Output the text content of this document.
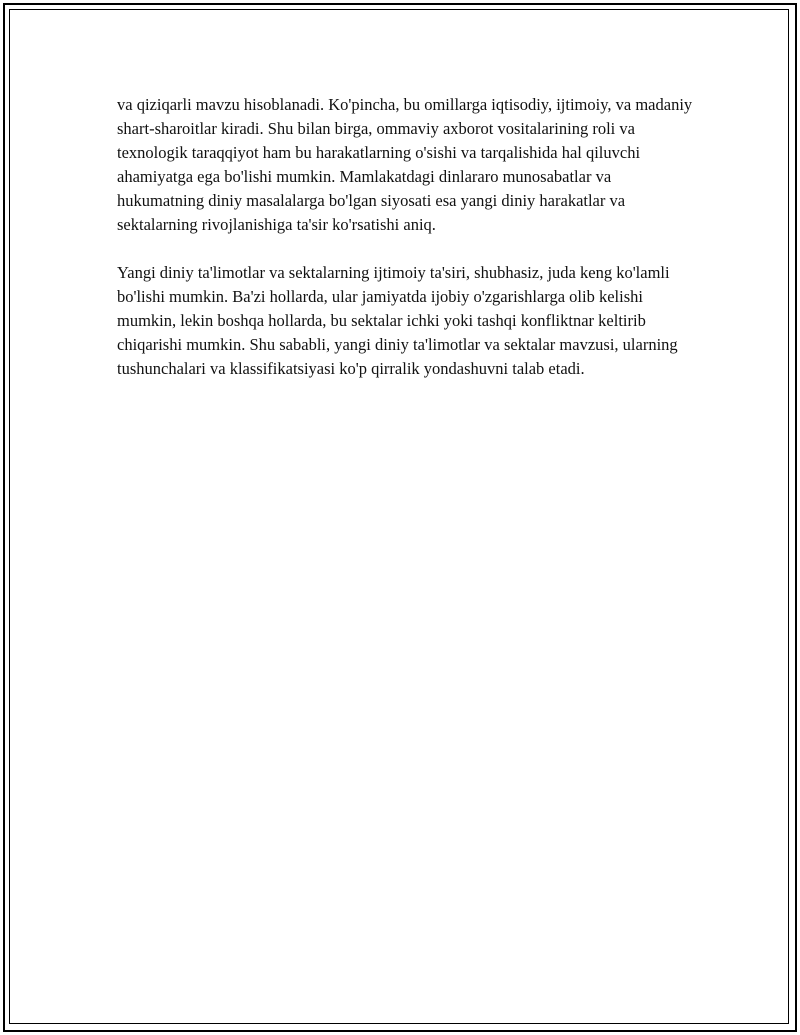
va qiziqarli mavzu hisoblanadi. Ko'pincha, bu omillarga iqtisodiy, ijtimoiy, va madaniy shart-sharoitlar kiradi. Shu bilan birga, ommaviy axborot vositalarining roli va texnologik taraqqiyot ham bu harakatlarning o'sishi va tarqalishida hal qiluvchi ahamiyatga ega bo'lishi mumkin. Mamlakatdagi dinlararo munosabatlar va hukumatning diniy masalalarga bo'lgan siyosati esa yangi diniy harakatlar va sektalarning rivojlanishiga ta'sir ko'rsatishi aniq.

Yangi diniy ta'limotlar va sektalarning ijtimoiy ta'siri, shubhasiz, juda keng ko'lamli bo'lishi mumkin. Ba'zi hollarda, ular jamiyatda ijobiy o'zgarishlarga olib kelishi mumkin, lekin boshqa hollarda, bu sektalar ichki yoki tashqi konfliktnar keltirib chiqarishi mumkin. Shu sababli, yangi diniy ta'limotlar va sektalar mavzusi, ularning tushunchalari va klassifikatsiyasi ko'p qirralik yondashuvni talab etadi.
